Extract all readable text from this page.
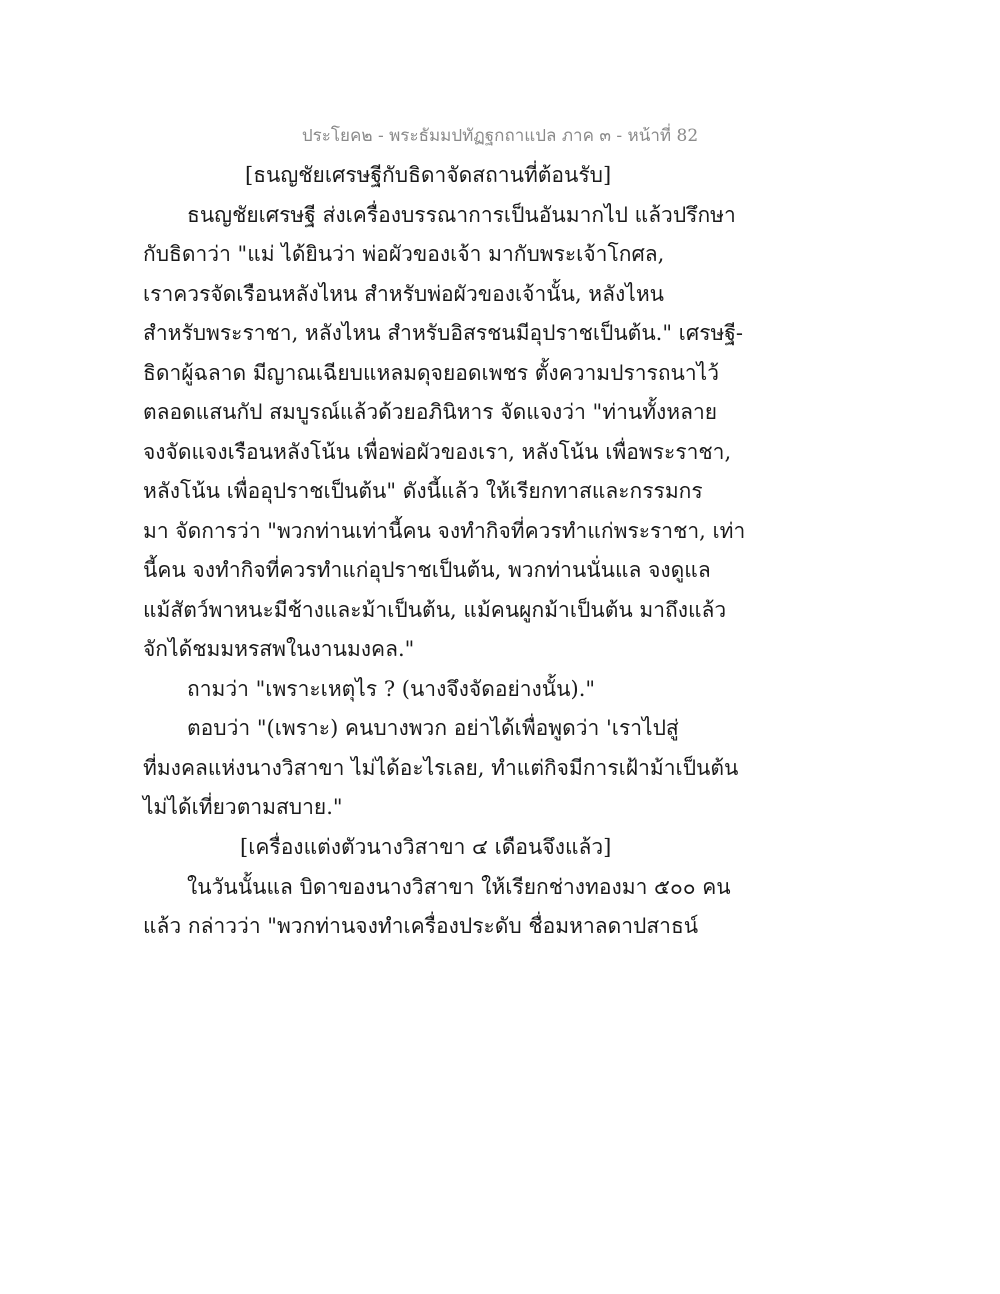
ประโยค๒ - พระธัมมปทัฏฐกถาแปล ภาค ๓ - หน้าที่ 82
[ธนญชัยเศรษฐีกับธิดาจัดสถานที่ต้อนรับ]
ธนญชัยเศรษฐี ส่งเครื่องบรรณาการเป็นอันมากไป แล้วปรึกษา
กับธิดาว่า "แม่ ได้ยินว่า พ่อผัวของเจ้า มากับพระเจ้าโกศล,
เราควรจัดเรือนหลังไหน สำหรับพ่อผัวของเจ้านั้น, หลังไหน
สำหรับพระราชา, หลังไหน สำหรับอิสรชนมีอุปราชเป็นต้น." เศรษฐี-
ธิดาผู้ฉลาด มีญาณเฉียบแหลมดุจยอดเพชร ตั้งความปรารถนาไว้
ตลอดแสนกัป สมบูรณ์แล้วด้วยอภินิหาร จัดแจงว่า "ท่านทั้งหลาย
จงจัดแจงเรือนหลังโน้น เพื่อพ่อผัวของเรา, หลังโน้น เพื่อพระราชา,
หลังโน้น เพื่ออุปราชเป็นต้น" ดังนี้แล้ว ให้เรียกทาสและกรรมกร
มา จัดการว่า "พวกท่านเท่านี้คน จงทำกิจที่ควรทำแก่พระราชา, เท่า
นี้คน จงทำกิจที่ควรทำแก่อุปราชเป็นต้น, พวกท่านนั่นแล จงดูแล
แม้สัตว์พาหนะมีช้างและม้าเป็นต้น, แม้คนผูกม้าเป็นต้น มาถึงแล้ว
จักได้ชมมหรสพในงานมงคล."
ถามว่า "เพราะเหตุไร ? (นางจึงจัดอย่างนั้น)."
ตอบว่า "(เพราะ) คนบางพวก อย่าได้เพื่อพูดว่า 'เราไปสู่
ที่มงคลแห่งนางวิสาขา ไม่ได้อะไรเลย, ทำแต่กิจมีการเฝ้าม้าเป็นต้น
ไม่ได้เที่ยวตามสบาย."
[เครื่องแต่งตัวนางวิสาขา ๔ เดือนจึงแล้ว]
ในวันนั้นแล บิดาของนางวิสาขา ให้เรียกช่างทองมา ๕๐๐ คน
แล้ว กล่าวว่า "พวกท่านจงทำเครื่องประดับ ชื่อมหาลดาปสาธน์
